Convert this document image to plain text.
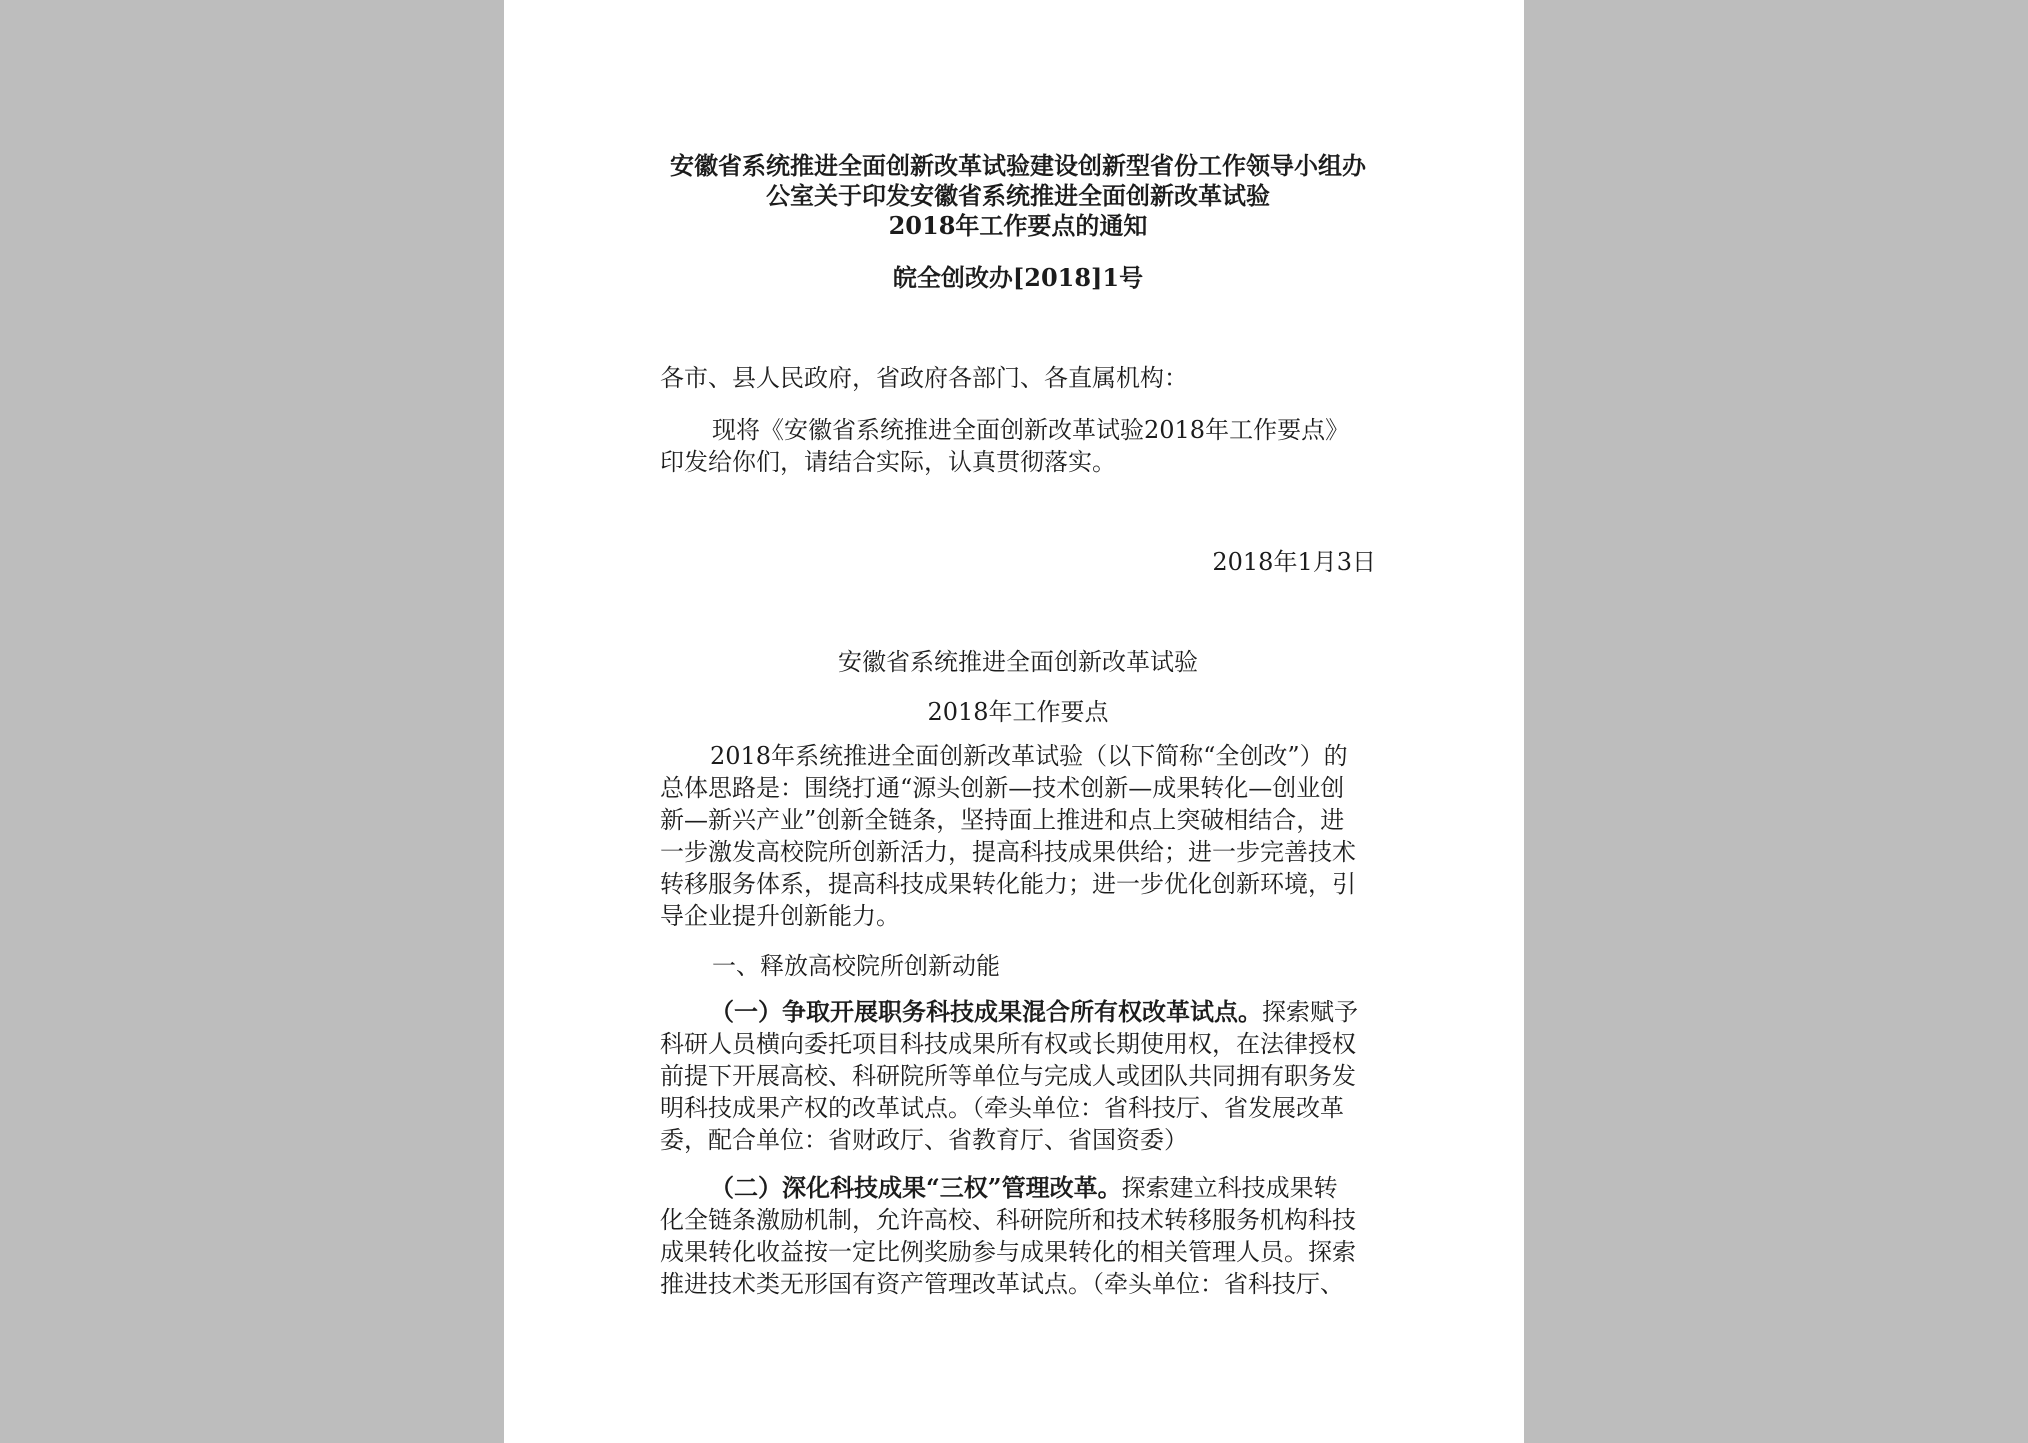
安徽省系统推进全面创新改革试验建设创新型省份工作领导小组办
公室关于印发安徽省系统推进全面创新改革试验
2018年工作要点的通知
皖全创改办[2018]1号
各市、县人民政府，省政府各部门、各直属机构：
现将《安徽省系统推进全面创新改革试验2018年工作要点》
印发给你们，请结合实际，认真贯彻落实。
2018年1月3日
安徽省系统推进全面创新改革试验
2018年工作要点

2018年系统推进全面创新改革试验（以下简称“全创改”）的

总体思路是：围绕打通“源头创新—技术创新—成果转化—创业创

新—新兴产业”创新全链条，坚持面上推进和点上突破相结合，进

一步激发高校院所创新活力，提高科技成果供给；进一步完善技术

转移服务体系，提高科技成果转化能力；进一步优化创新环境，引

导企业提升创新能力。

一、释放高校院所创新动能

（一）争取开展职务科技成果混合所有权改革试点。探索赋予

科研人员横向委托项目科技成果所有权或长期使用权，在法律授权

前提下开展高校、科研院所等单位与完成人或团队共同拥有职务发

明科技成果产权的改革试点。（牵头单位：省科技厅、省发展改革

委，配合单位：省财政厅、省教育厅、省国资委）

（二）深化科技成果“三权”管理改革。探索建立科技成果转

化全链条激励机制，允许高校、科研院所和技术转移服务机构科技

成果转化收益按一定比例奖励参与成果转化的相关管理人员。探索

推进技术类无形国有资产管理改革试点。（牵头单位：省科技厅、
